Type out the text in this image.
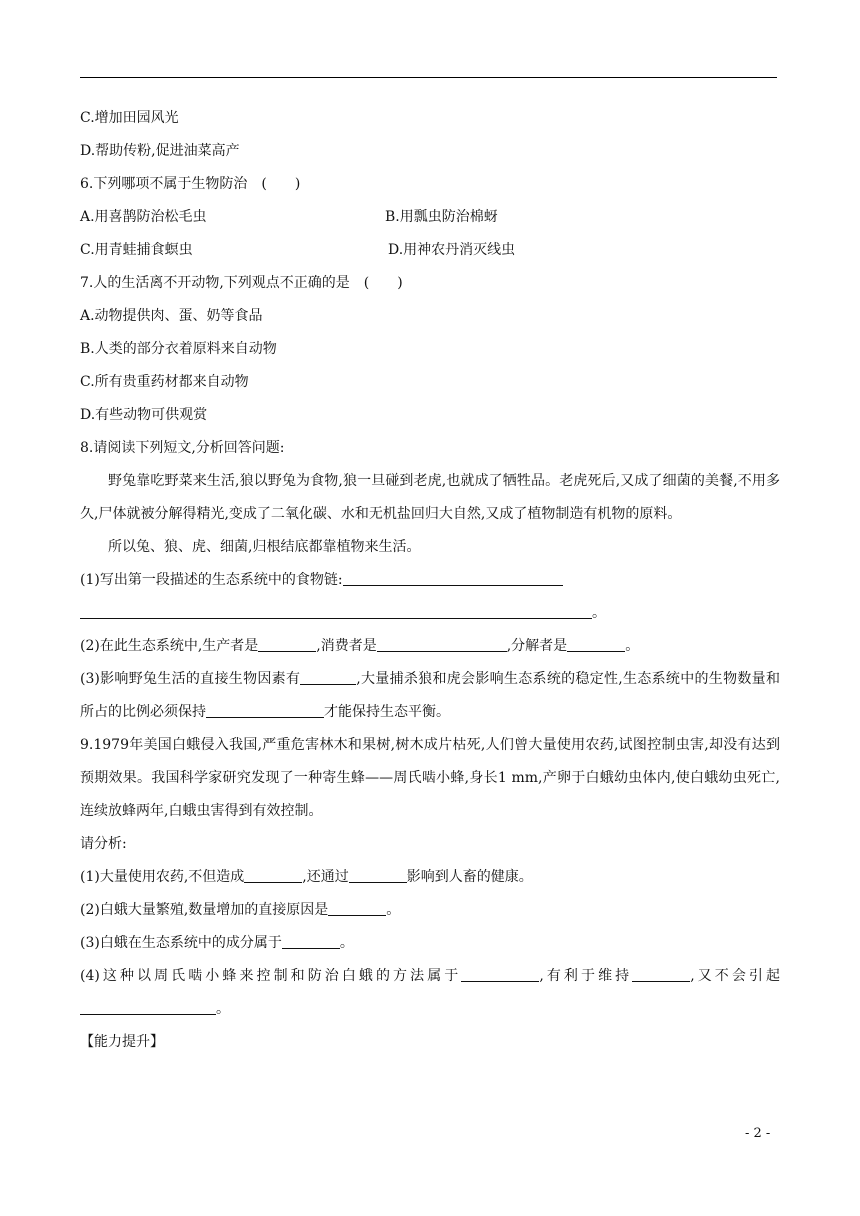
C.增加田园风光
D.帮助传粉,促进油菜高产
6.下列哪项不属于生物防治　(　　)
A.用喜鹊防治松毛虫	B.用瓢虫防治棉蚜
C.用青蛙捕食螟虫	D.用神农丹消灭线虫
7.人的生活离不开动物,下列观点不正确的是　(　　)
A.动物提供肉、蛋、奶等食品
B.人类的部分衣着原料来自动物
C.所有贵重药材都来自动物
D.有些动物可供观赏
8.请阅读下列短文,分析回答问题:
野兔靠吃野菜来生活,狼以野兔为食物,狼一旦碰到老虎,也就成了牺牲品。老虎死后,又成了细菌的美餐,不用多久,尸体就被分解得精光,变成了二氧化碳、水和无机盐回归大自然,又成了植物制造有机物的原料。
所以兔、狼、虎、细菌,归根结底都靠植物来生活。
(1)写出第一段描述的生态系统中的食物链:
。
(2)在此生态系统中,生产者是	,消费者是	,分解者是	。
(3)影响野兔生活的直接生物因素有	,大量捕杀狼和虎会影响生态系统的稳定性,生态系统中的生物数量和所占的比例必须保持	才能保持生态平衡。
9.1979年美国白蛾侵入我国,严重危害林木和果树,树木成片枯死,人们曾大量使用农药,试图控制虫害,却没有达到预期效果。我国科学家研究发现了一种寄生蜂——周氏啮小蜂,身长1 mm,产卵于白蛾幼虫体内,使白蛾幼虫死亡,连续放蜂两年,白蛾虫害得到有效控制。
请分析:
(1)大量使用农药,不但造成	,还通过	影响到人畜的健康。
(2)白蛾大量繁殖,数量增加的直接原因是	。
(3)白蛾在生态系统中的成分属于	。
(4)这种以周氏啮小蜂来控制和防治白蛾的方法属于	,有利于维持	,又不会引起。
【能力提升】
- 2 -
